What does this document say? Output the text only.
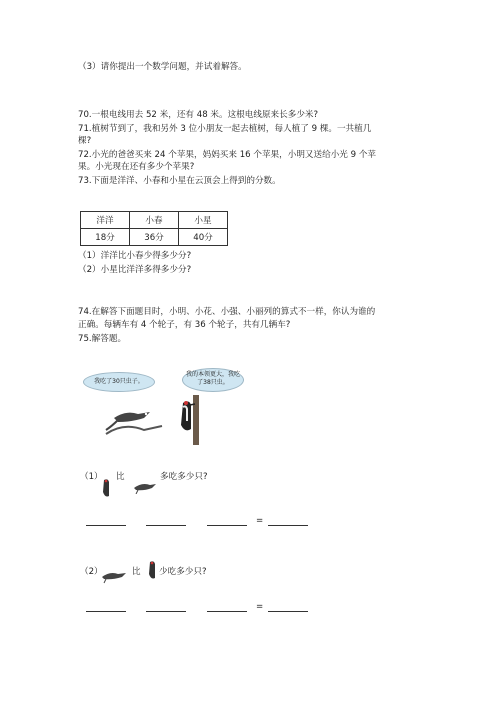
（3）请你提出一个数学问题，并试着解答。
70.一根电线用去 52 米，还有 48 米。这根电线原来长多少米?
71.植树节到了，我和另外 3 位小朋友一起去植树，每人植了 9 棵。一共植几
棵?
72.小光的爸爸买来 24 个苹果，妈妈买来 16 个苹果，小明又送给小光 9 个苹
果。小光现在还有多少个苹果?
73.下面是洋洋、小春和小星在云顶会上得到的分数。
洋洋	小春	小星
18分	36分	40分
（1）洋洋比小春少得多少分?
（2）小星比洋洋多得多少分?
74.在解答下面题目时，小明、小花、小强、小丽列的算式不一样，你认为谁的
正确。每辆车有 4 个轮子，有 36 个轮子，共有几辆车?
75.解答题。
我吃了30只虫子。
我的本领更大，我吃
了38只虫。
（1） 比	多吃多少只?
=
（2）	比 少吃多少只?
=
